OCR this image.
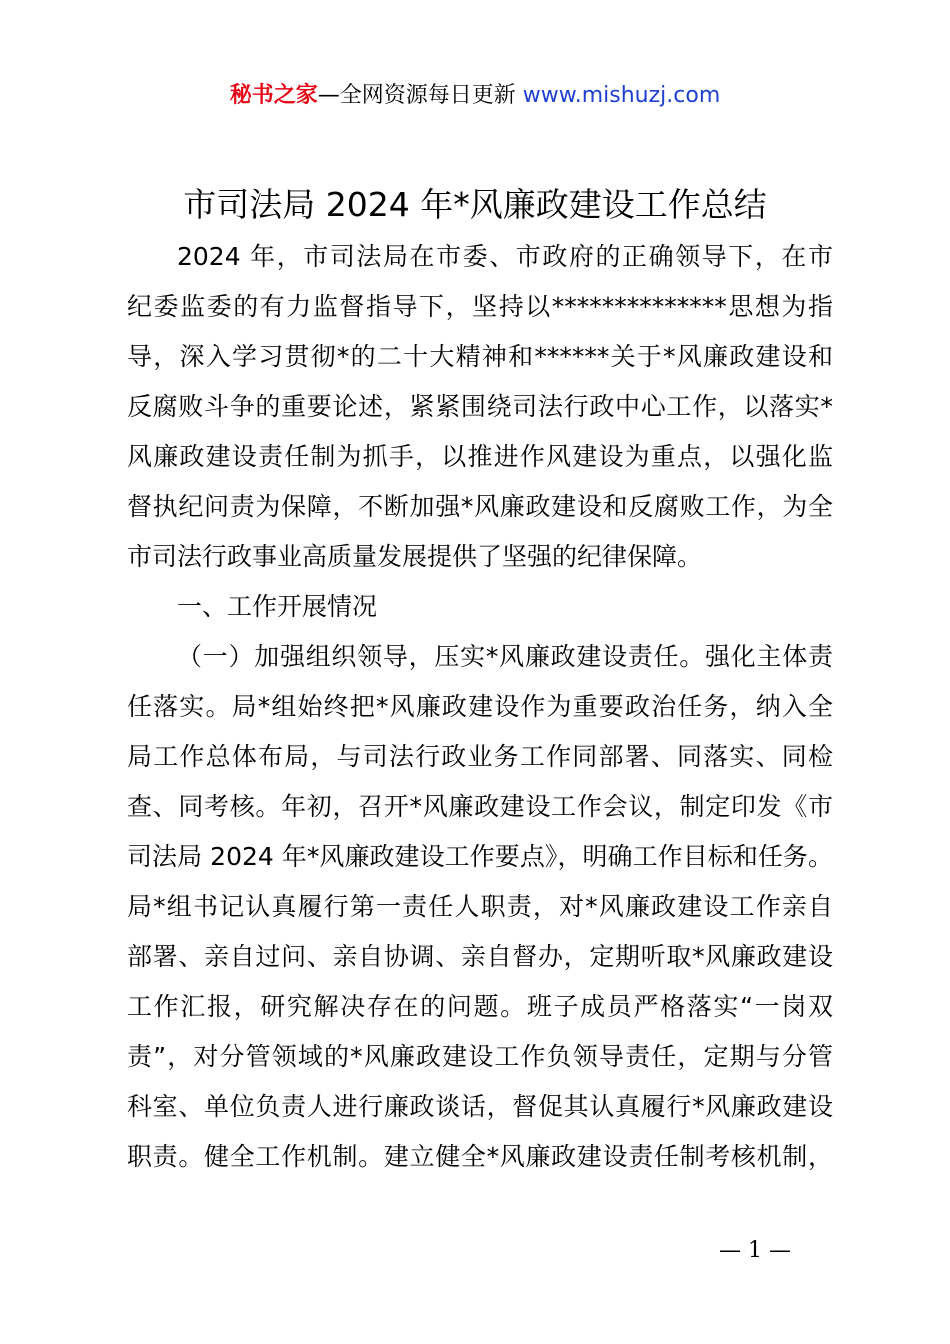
秘书之家—全网资源每日更新 www.mishuzj.com
市司法局 2024 年*风廉政建设工作总结
2024 年，市司法局在市委、市政府的正确领导下，在市
纪委监委的有力监督指导下，坚持以**************思想为指
导，深入学习贯彻*的二十大精神和******关于*风廉政建设和
反腐败斗争的重要论述，紧紧围绕司法行政中心工作，以落实*
风廉政建设责任制为抓手，以推进作风建设为重点，以强化监
督执纪问责为保障，不断加强*风廉政建设和反腐败工作，为全
市司法行政事业高质量发展提供了坚强的纪律保障。
一、工作开展情况
（一）加强组织领导，压实*风廉政建设责任。强化主体责
任落实。局*组始终把*风廉政建设作为重要政治任务，纳入全
局工作总体布局，与司法行政业务工作同部署、同落实、同检
查、同考核。年初，召开*风廉政建设工作会议，制定印发《市
司法局 2024 年*风廉政建设工作要点》，明确工作目标和任务。
局*组书记认真履行第一责任人职责，对*风廉政建设工作亲自
部署、亲自过问、亲自协调、亲自督办，定期听取*风廉政建设
工作汇报，研究解决存在的问题。班子成员严格落实“一岗双
责”，对分管领域的*风廉政建设工作负领导责任，定期与分管
科室、单位负责人进行廉政谈话，督促其认真履行*风廉政建设
职责。健全工作机制。建立健全*风廉政建设责任制考核机制，
— 1 —
